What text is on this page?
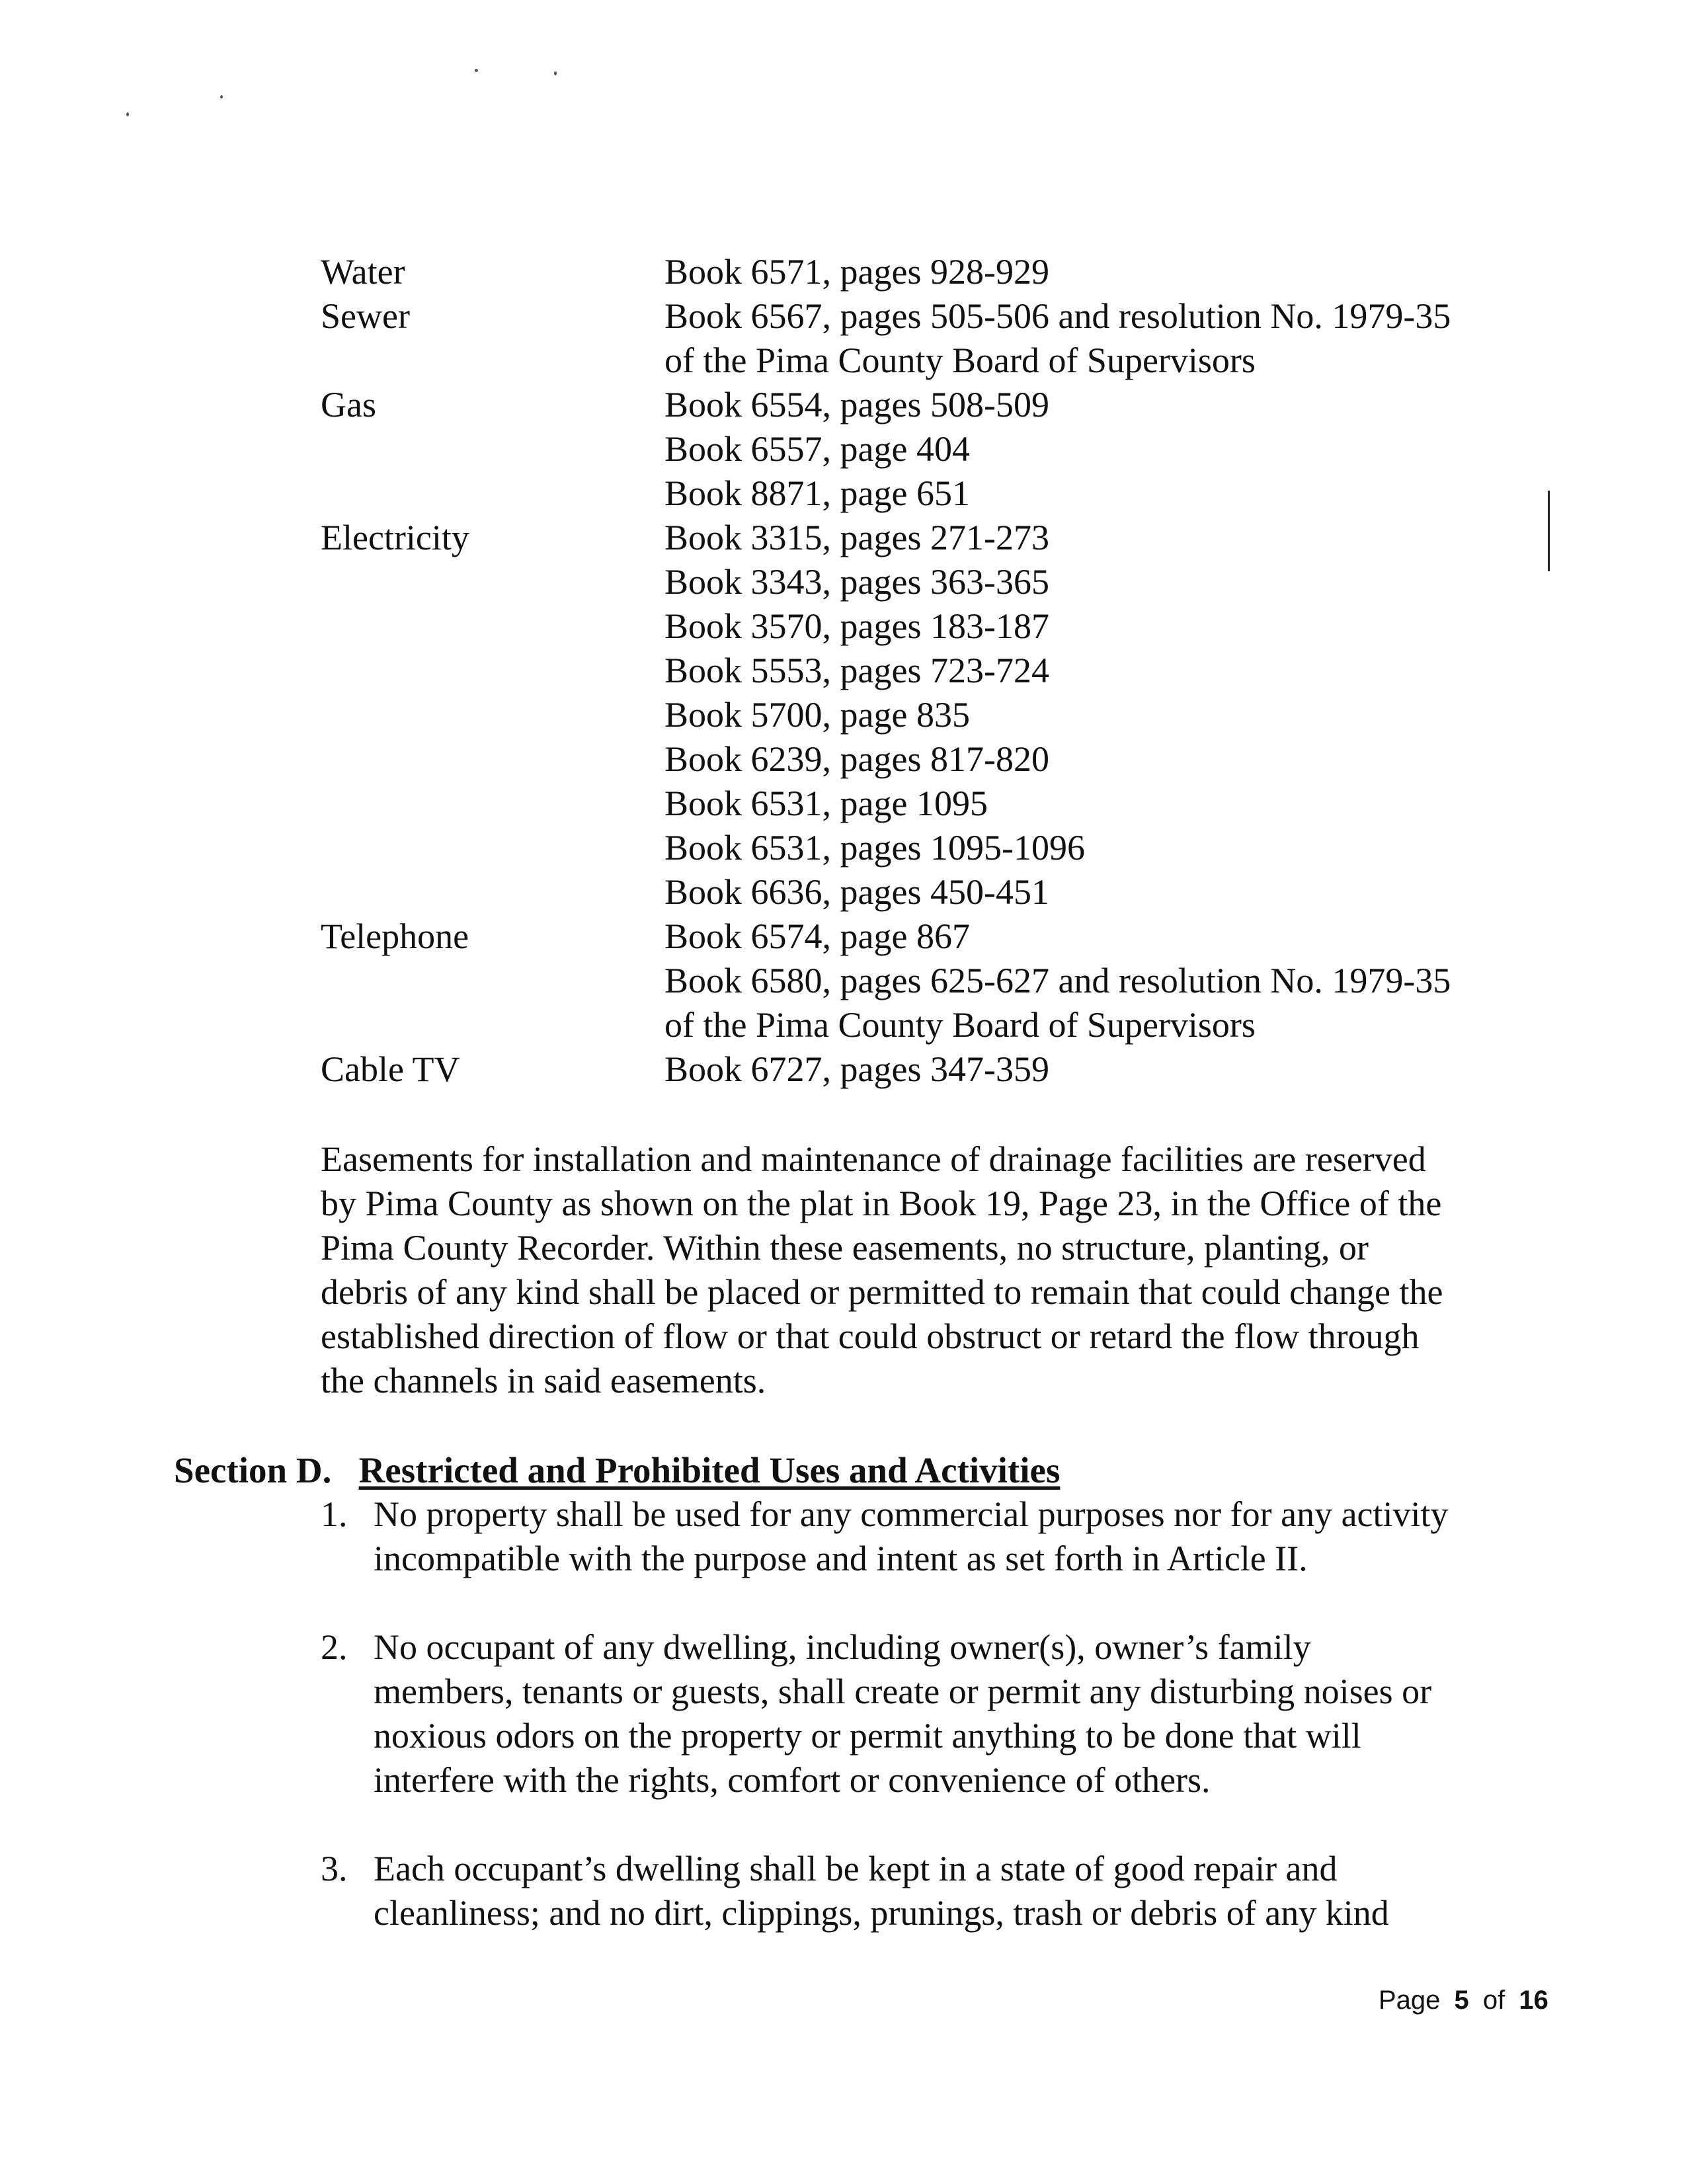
Water	Book 6571, pages 928-929
Sewer	Book 6567, pages 505-506 and resolution No. 1979-35
of the Pima County Board of Supervisors
Gas	Book 6554, pages 508-509
Book 6557, page 404
Book 8871, page 651
Electricity	Book 3315, pages 271-273
Book 3343, pages 363-365
Book 3570, pages 183-187
Book 5553, pages 723-724
Book 5700, page 835
Book 6239, pages 817-820
Book 6531, page 1095
Book 6531, pages 1095-1096
Book 6636, pages 450-451
Telephone	Book 6574, page 867
Book 6580, pages 625-627 and resolution No. 1979-35
of the Pima County Board of Supervisors
Cable TV	Book 6727, pages 347-359
Easements for installation and maintenance of drainage facilities are reserved
by Pima County as shown on the plat in Book 19, Page 23, in the Office of the
Pima County Recorder. Within these easements, no structure, planting, or
debris of any kind shall be placed or permitted to remain that could change the
established direction of flow or that could obstruct or retard the flow through
the channels in said easements.
Section D. Restricted and Prohibited Uses and Activities
1. No property shall be used for any commercial purposes nor for any activity
incompatible with the purpose and intent as set forth in Article II.
2. No occupant of any dwelling, including owner(s), owner’s family
members, tenants or guests, shall create or permit any disturbing noises or
noxious odors on the property or permit anything to be done that will
interfere with the rights, comfort or convenience of others.
3. Each occupant’s dwelling shall be kept in a state of good repair and
cleanliness; and no dirt, clippings, prunings, trash or debris of any kind
Page 5 of 16
